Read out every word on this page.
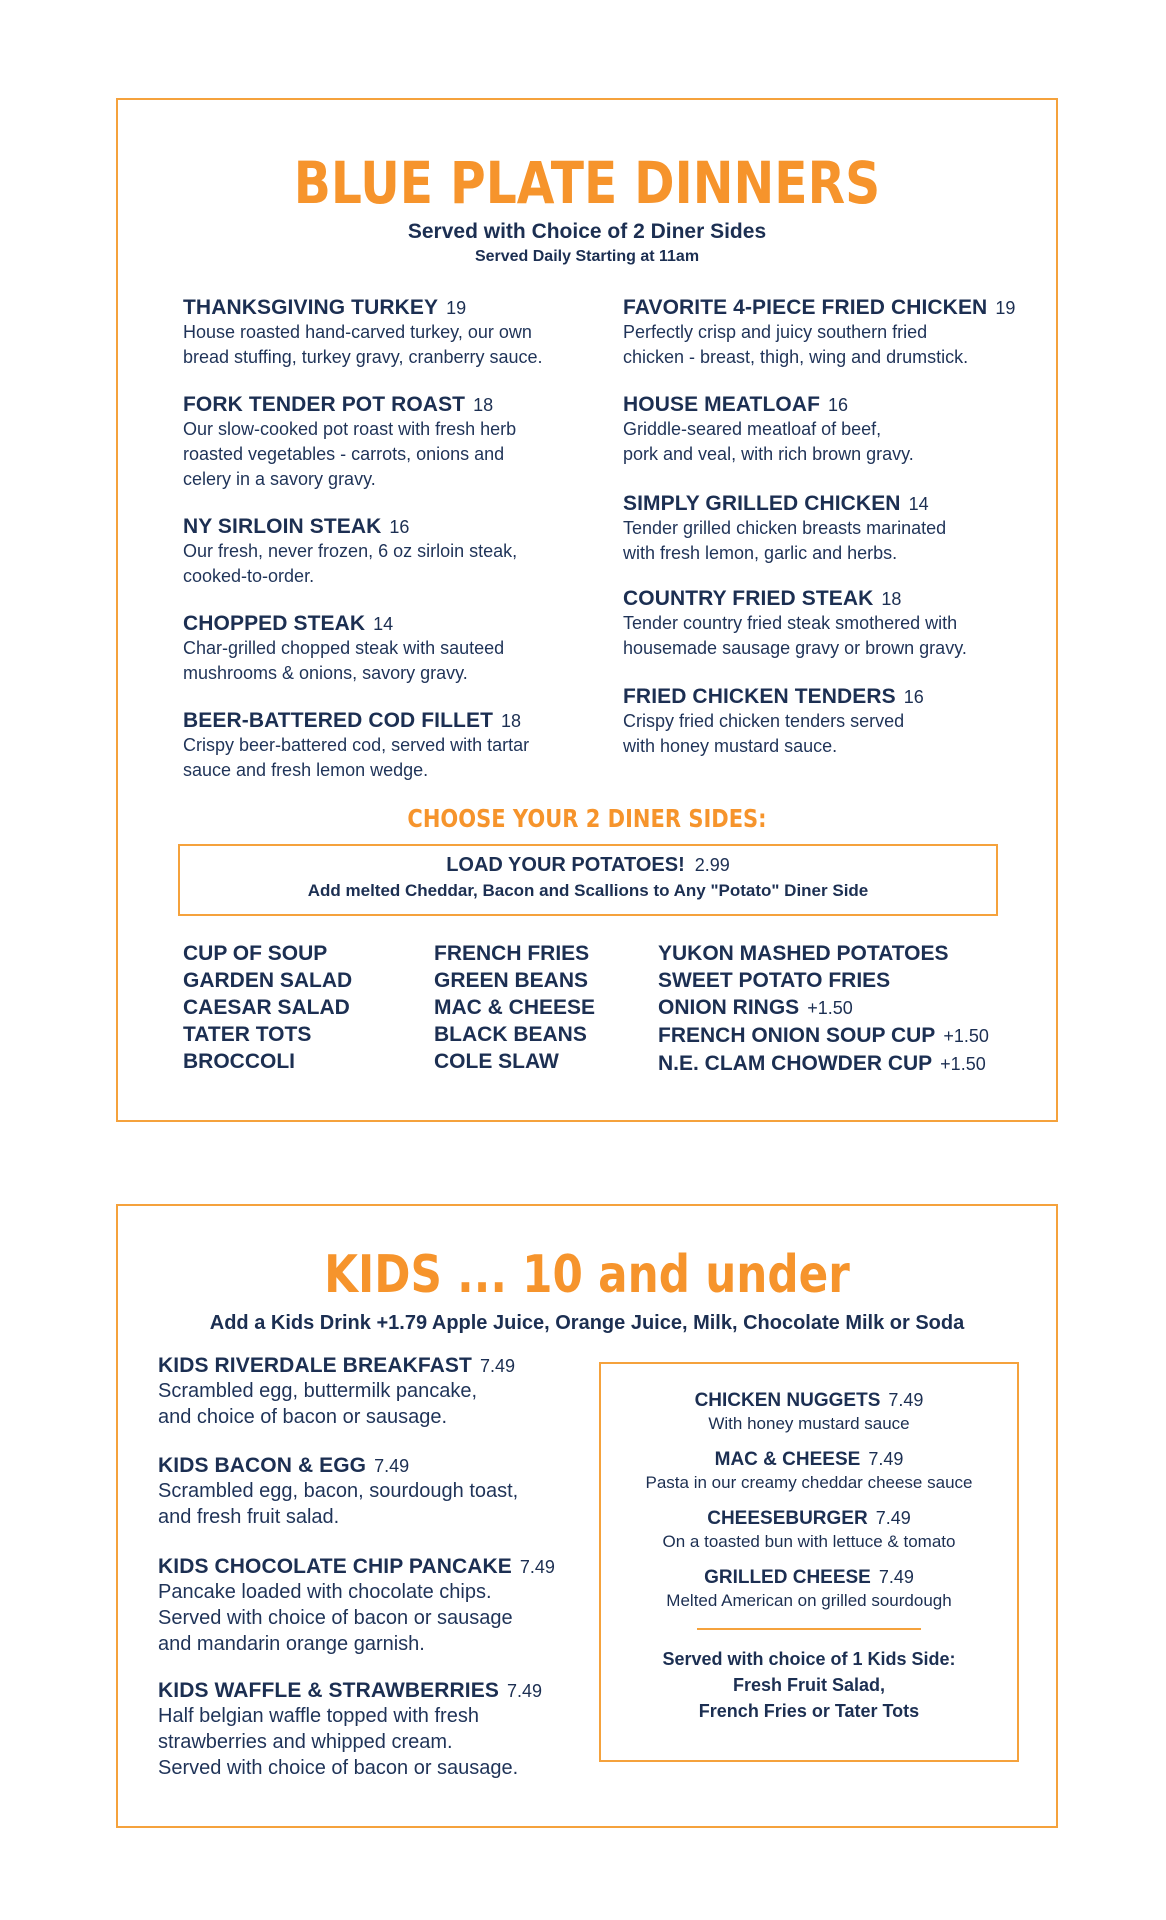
BLUE PLATE DINNERS
Served with Choice of 2 Diner Sides
Served Daily Starting at 11am
THANKSGIVING TURKEY 19
House roasted hand-carved turkey, our own
bread stuffing, turkey gravy, cranberry sauce.
FORK TENDER POT ROAST 18
Our slow-cooked pot roast with fresh herb
roasted vegetables - carrots, onions and
celery in a savory gravy.
NY SIRLOIN STEAK 16
Our fresh, never frozen, 6 oz sirloin steak,
cooked-to-order.
CHOPPED STEAK 14
Char-grilled chopped steak with sauteed
mushrooms & onions, savory gravy.
BEER-BATTERED COD FILLET 18
Crispy beer-battered cod, served with tartar
sauce and fresh lemon wedge.
FAVORITE 4-PIECE FRIED CHICKEN 19
Perfectly crisp and juicy southern fried
chicken - breast, thigh, wing and drumstick.
HOUSE MEATLOAF 16
Griddle-seared meatloaf of beef,
pork and veal, with rich brown gravy.
SIMPLY GRILLED CHICKEN 14
Tender grilled chicken breasts marinated
with fresh lemon, garlic and herbs.
COUNTRY FRIED STEAK 18
Tender country fried steak smothered with
housemade sausage gravy or brown gravy.
FRIED CHICKEN TENDERS 16
Crispy fried chicken tenders served
with honey mustard sauce.
CHOOSE YOUR 2 DINER SIDES:
LOAD YOUR POTATOES! 2.99
Add melted Cheddar, Bacon and Scallions to Any "Potato" Diner Side
CUP OF SOUP
GARDEN SALAD
CAESAR SALAD
TATER TOTS
BROCCOLI
FRENCH FRIES
GREEN BEANS
MAC & CHEESE
BLACK BEANS
COLE SLAW
YUKON MASHED POTATOES
SWEET POTATO FRIES
ONION RINGS +1.50
FRENCH ONION SOUP CUP +1.50
N.E. CLAM CHOWDER CUP +1.50
KIDS ... 10 and under
Add a Kids Drink +1.79 Apple Juice, Orange Juice, Milk, Chocolate Milk or Soda
KIDS RIVERDALE BREAKFAST 7.49
Scrambled egg, buttermilk pancake,
and choice of bacon or sausage.
KIDS BACON & EGG 7.49
Scrambled egg, bacon, sourdough toast,
and fresh fruit salad.
KIDS CHOCOLATE CHIP PANCAKE 7.49
Pancake loaded with chocolate chips.
Served with choice of bacon or sausage
and mandarin orange garnish.
KIDS WAFFLE & STRAWBERRIES 7.49
Half belgian waffle topped with fresh
strawberries and whipped cream.
Served with choice of bacon or sausage.
CHICKEN NUGGETS 7.49
With honey mustard sauce
MAC & CHEESE 7.49
Pasta in our creamy cheddar cheese sauce
CHEESEBURGER 7.49
On a toasted bun with lettuce & tomato
GRILLED CHEESE 7.49
Melted American on grilled sourdough
Served with choice of 1 Kids Side:
Fresh Fruit Salad,
French Fries or Tater Tots
